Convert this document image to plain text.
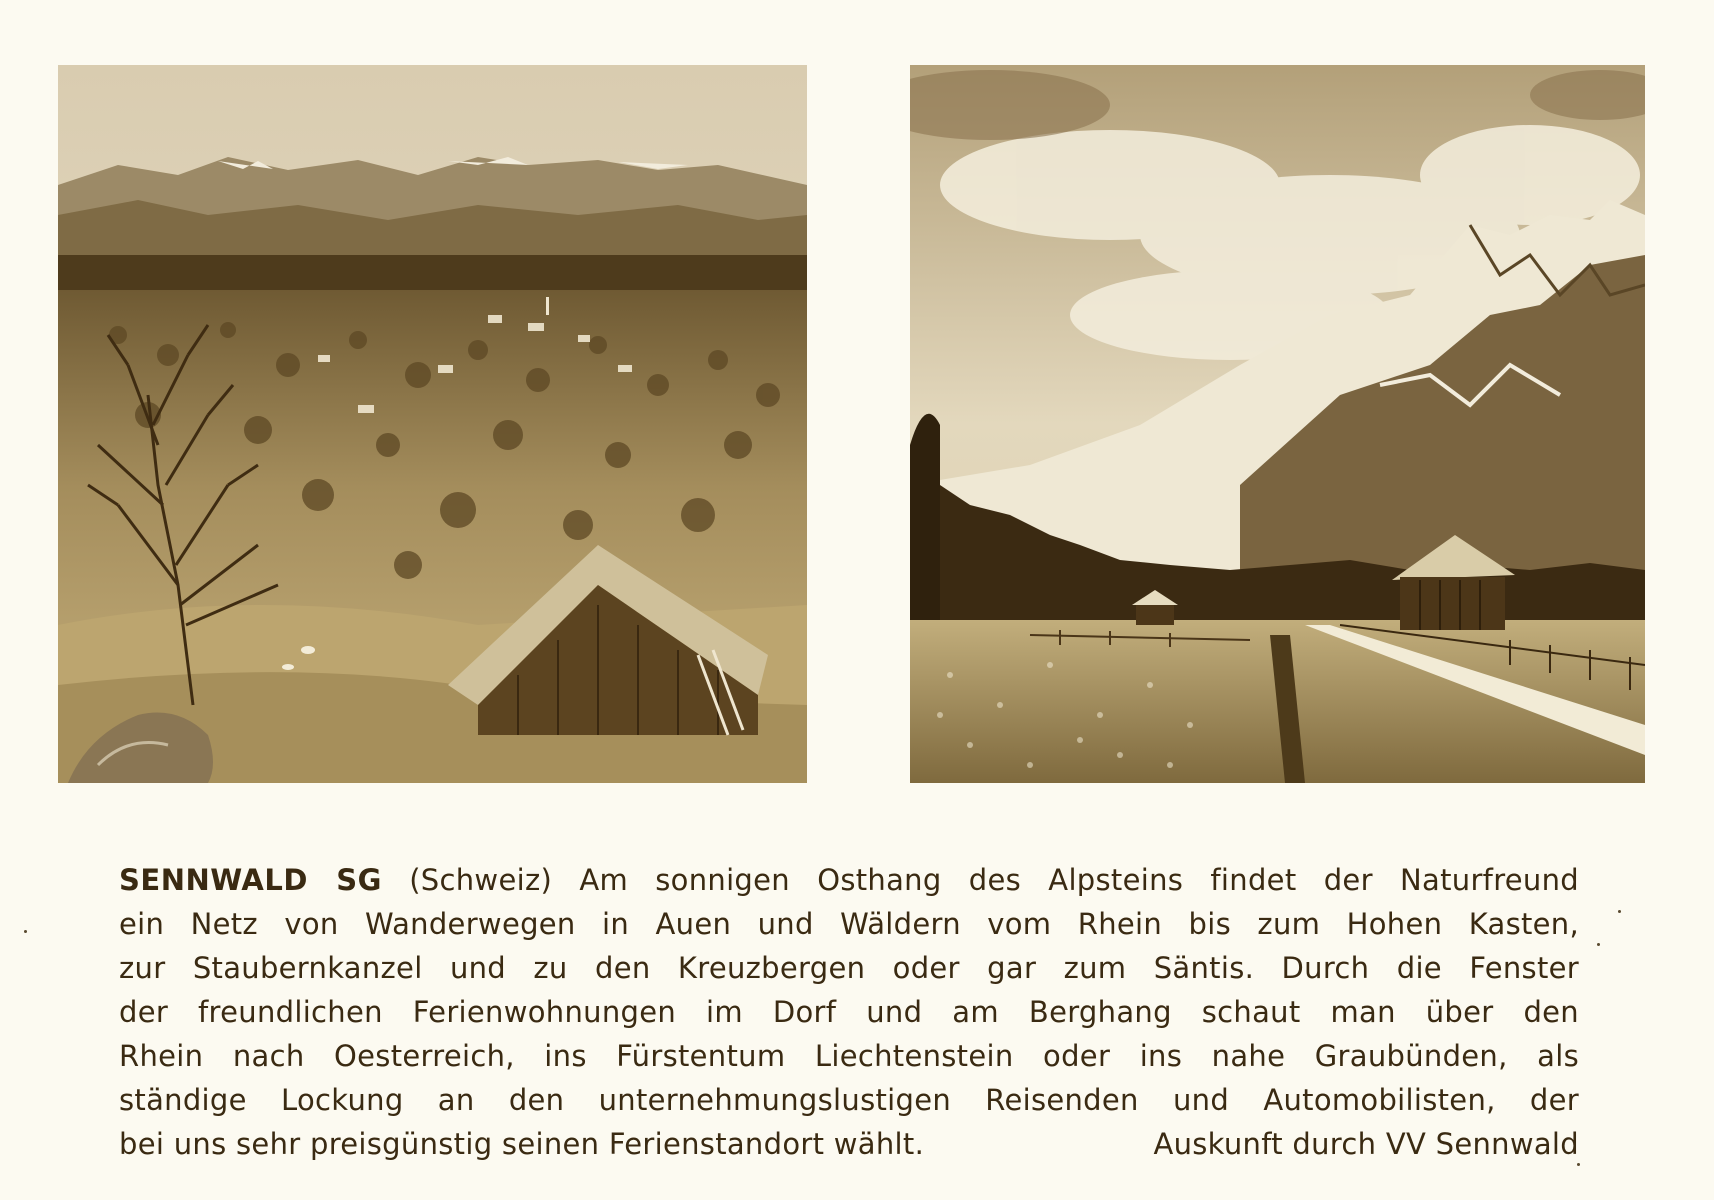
SENNWALD SG (Schweiz) Am sonnigen Osthang des Alpsteins findet der Naturfreund
ein Netz von Wanderwegen in Auen und Wäldern vom Rhein bis zum Hohen Kasten,
zur Staubernkanzel und zu den Kreuzbergen oder gar zum Säntis. Durch die Fenster
der freundlichen Ferienwohnungen im Dorf und am Berghang schaut man über den
Rhein nach Oesterreich, ins Fürstentum Liechtenstein oder ins nahe Graubünden, als
ständige Lockung an den unternehmungslustigen Reisenden und Automobilisten, der
bei uns sehr preisgünstig seinen Ferienstandort wählt.	Auskunft durch VV Sennwald
